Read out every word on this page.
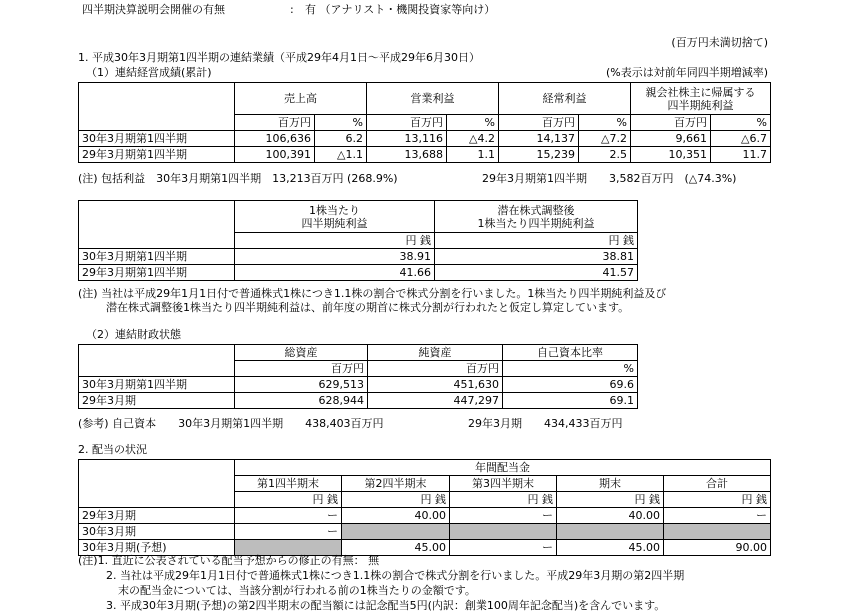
四半期決算説明会開催の有無	: 有 （アナリスト・機関投資家等向け）
(百万円未満切捨て)
1. 平成30年3月期第1四半期の連結業績（平成29年4月1日～平成29年6月30日）
（1）連結経営成績(累計)	(%表示は対前年同四半期増減率)
	売上高		営業利益		経常利益		親会社株主に帰属する
四半期純利益	
	百万円	%	百万円	%	百万円	%	百万円	%
30年3月期第1四半期	106,636	6.2	13,116	△4.2	14,137	△7.2	9,661	△6.7
29年3月期第1四半期	100,391	△1.1	13,688	1.1	15,239	2.5	10,351	11.7
(注) 包括利益　30年3月期第1四半期　13,213百万円 (268.9%)	29年3月期第1四半期　　3,582百万円　(△74.3%)
	1株当たり
四半期純利益	潜在株式調整後
1株当たり四半期純利益
	円 銭	円 銭
30年3月期第1四半期	38.91	38.81
29年3月期第1四半期	41.66	41.57
(注) 当社は平成29年1月1日付で普通株式1株につき1.1株の割合で株式分割を行いました。1株当たり四半期純利益及び
潜在株式調整後1株当たり四半期純利益は、前年度の期首に株式分割が行われたと仮定し算定しています。
（2）連結財政状態
	総資産	純資産	自己資本比率
	百万円	百万円	%
30年3月期第1四半期	629,513	451,630	69.6
29年3月期	628,944	447,297	69.1
(参考) 自己資本　　30年3月期第1四半期　　438,403百万円	29年3月期　　434,433百万円
2. 配当の状況
	年間配当金				
	第1四半期末	第2四半期末	第3四半期末	期末	合計
	円 銭	円 銭	円 銭	円 銭	円 銭
29年3月期	ー	40.00	ー	40.00	ー
30年3月期	ー				
30年3月期(予想)		45.00	ー	45.00	90.00
(注)1. 直近に公表されている配当予想からの修正の有無： 無
2. 当社は平成29年1月1日付で普通株式1株につき1.1株の割合で株式分割を行いました。平成29年3月期の第2四半期
末の配当金については、当該分割が行われる前の1株当たりの金額です。
3. 平成30年3月期(予想)の第2四半期末の配当額には記念配当5円(内訳：創業100周年記念配当)を含んでいます。
